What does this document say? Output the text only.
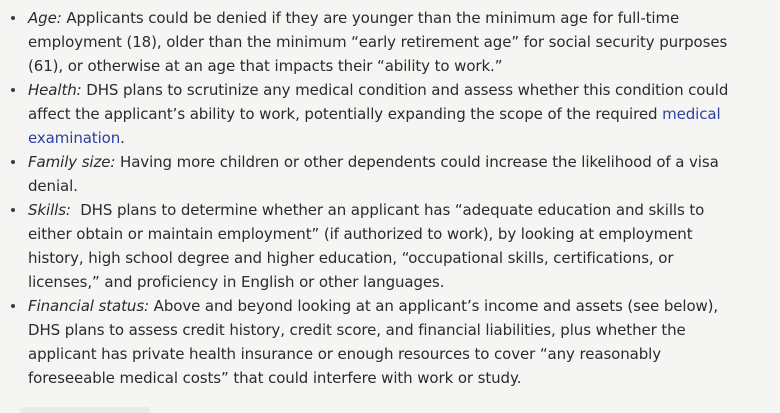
Age: Applicants could be denied if they are younger than the minimum age for full-time employment (18), older than the minimum “early retirement age” for social security purposes (61), or otherwise at an age that impacts their “ability to work.”
Health: DHS plans to scrutinize any medical condition and assess whether this condition could affect the applicant’s ability to work, potentially expanding the scope of the required medical examination.
Family size: Having more children or other dependents could increase the likelihood of a visa denial.
Skills:  DHS plans to determine whether an applicant has “adequate education and skills to either obtain or maintain employment” (if authorized to work), by looking at employment history, high school degree and higher education, “occupational skills, certifications, or licenses,” and proficiency in English or other languages.
Financial status: Above and beyond looking at an applicant’s income and assets (see below), DHS plans to assess credit history, credit score, and financial liabilities, plus whether the applicant has private health insurance or enough resources to cover “any reasonably foreseeable medical costs” that could interfere with work or study.
